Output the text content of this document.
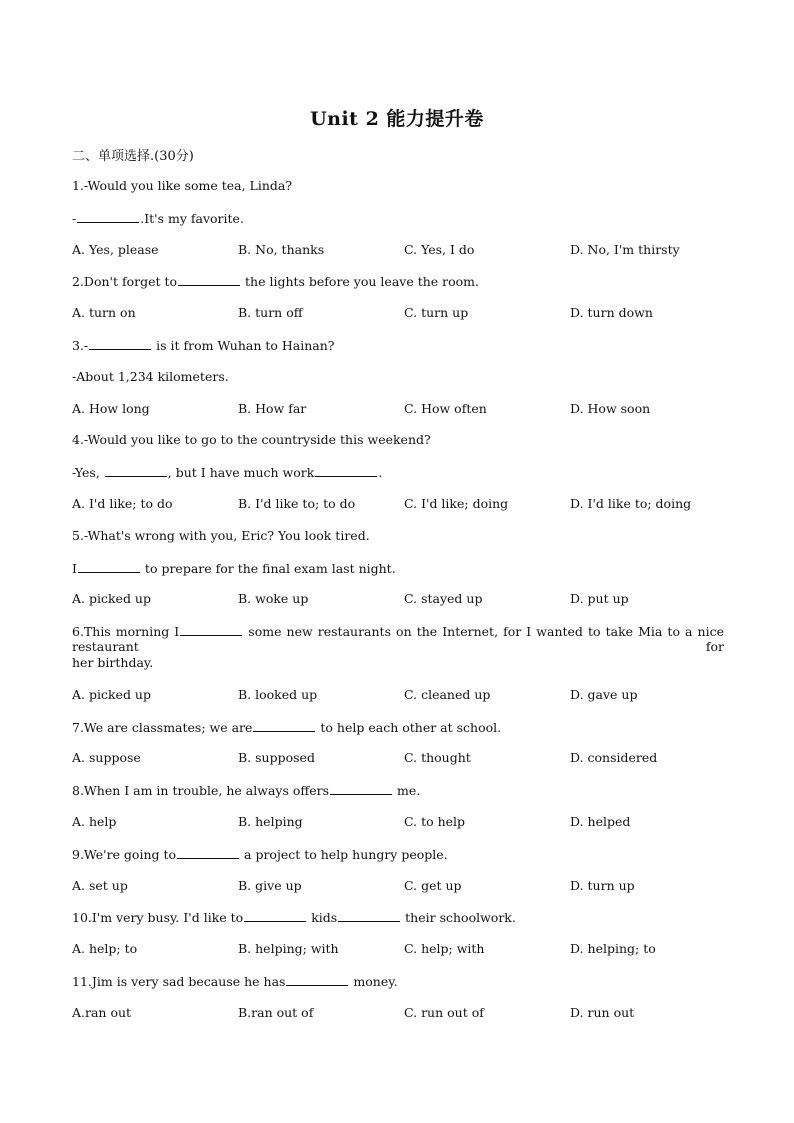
Unit 2 能力提升卷
二、单项选择.(30分)
1.-Would you like some tea, Linda?
-	.It's my favorite.
A. Yes, please	B. No, thanks	C. Yes, I do	D. No, I'm thirsty
2.Don't forget to	the lights before you leave the room.
A. turn on	B. turn off	C. turn up	D. turn down
3.-	is it from Wuhan to Hainan?
-About 1,234 kilometers.
A. How long	B. How far	C. How often	D. How soon
4.-Would you like to go to the countryside this weekend?
-Yes,	, but I have much work	.
A. I'd like; to do	B. I'd like to; to do	C. I'd like; doing	D. I'd like to; doing
5.-What's wrong with you, Eric? You look tired.
I	to prepare for the final exam last night.
A. picked up	B. woke up	C. stayed up	D. put up
6.This morning I	some new restaurants on the Internet, for I wanted to take Mia to a nice restaurant for
her birthday.
A. picked up	B. looked up	C. cleaned up	D. gave up
7.We are classmates; we are	to help each other at school.
A. suppose	B. supposed	C. thought	D. considered
8.When I am in trouble, he always offers	me.
A. help	B. helping	C. to help	D. helped
9.We're going to	a project to help hungry people.
A. set up	B. give up	C. get up	D. turn up
10.I'm very busy. I'd like to	kids	their schoolwork.
A. help; to	B. helping; with	C. help; with	D. helping; to
11.Jim is very sad because he has	money.
A.ran out	B.ran out of	C. run out of	D. run out
